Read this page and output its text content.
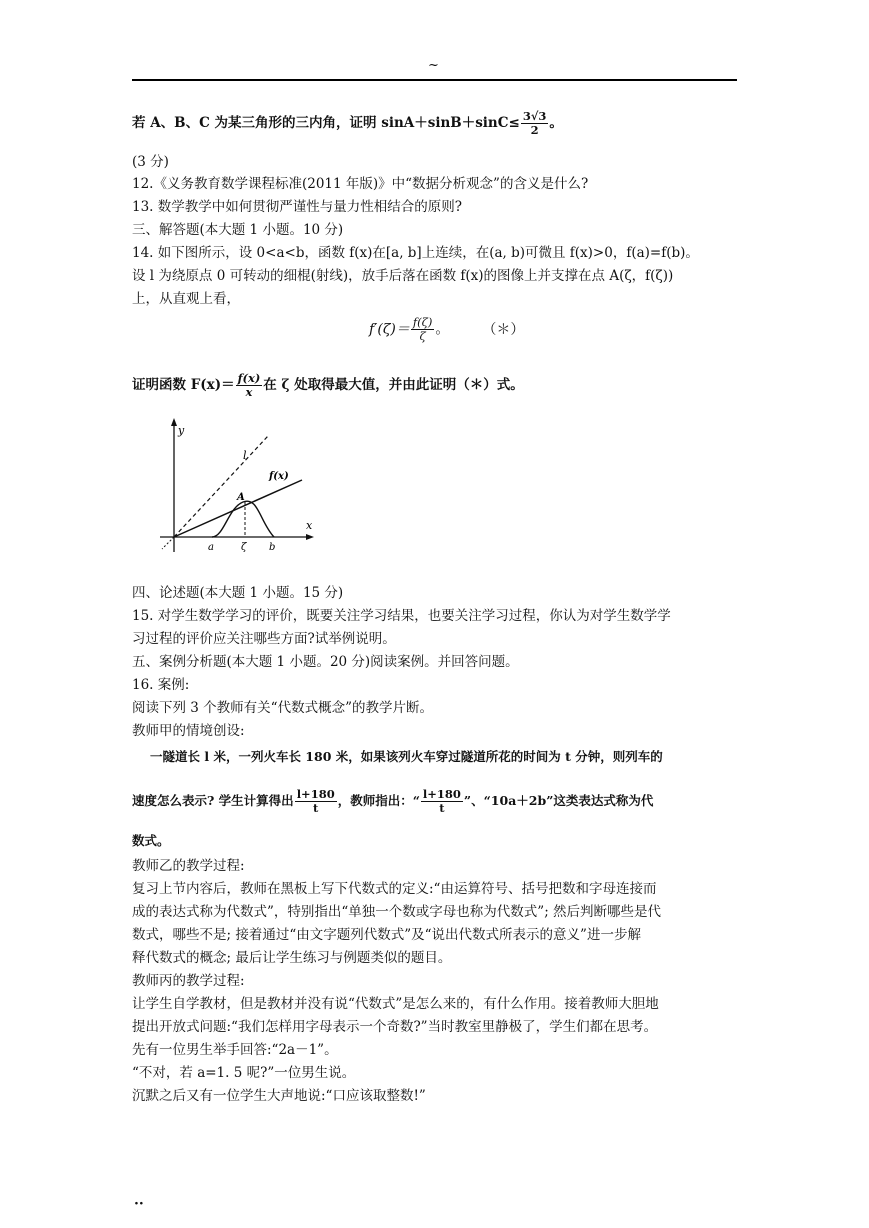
~
若 A、B、C 为某三角形的三内角，证明 $\sin A+\sin B+\sin C\le \frac{3√3}{2}$ 。
(3 分)
12.《义务教育数学课程标准(2011 年版)》中“数据分析观念”的含义是什么?
13. 数学教学中如何贯彻严谨性与量力性相结合的原则?
三、解答题(本大题 1 小题。10 分)
14. 如下图所示，设 0<a<b，函数 f(x)在[a, b]上连续，在(a, b)可微且 f(x)>0，f(a)=f(b)。
设 l 为绕原点 0 可转动的细棍(射线)，放手后落在函数 f(x)的图像上并支撑在点 A(ζ，f(ζ))
上，从直观上看，
$f'(\zeta)= \frac{f(\zeta)}{\zeta}$ 。	（＊）
证明函数 $F(x)= \frac{f(x)}{x}$ 在 ζ 处取得最大值，并由此证明（＊）式。
y
x
l
f(x)
A
a	ζ b
四、论述题(本大题 1 小题。15 分)
15. 对学生数学学习的评价，既要关注学习结果，也要关注学习过程，你认为对学生数学学
习过程的评价应关注哪些方面?试举例说明。
五、案例分析题(本大题 1 小题。20 分)阅读案例。并回答问题。
16. 案例:
阅读下列 3 个教师有关“代数式概念”的教学片断。
教师甲的情境创设:
一隧道长 l 米，一列火车长 180 米，如果该列火车穿过隧道所花的时间为 t 分钟，则列车的
速度怎么表示? 学生计算得出 $\frac{l+180}{t}$ ，教师指出：“ $\frac{l+180}{t}$ ”、“10a＋2b”这类表达式称为代
数式。
教师乙的教学过程:
复习上节内容后，教师在黑板上写下代数式的定义:“由运算符号、括号把数和字母连接而
成的表达式称为代数式”，特别指出“单独一个数或字母也称为代数式”; 然后判断哪些是代
数式，哪些不是; 接着通过“由文字题列代数式”及“说出代数式所表示的意义”进一步解
释代数式的概念; 最后让学生练习与例题类似的题目。
教师丙的教学过程:
让学生自学教材，但是教材并没有说“代数式”是怎么来的，有什么作用。接着教师大胆地
提出开放式问题:“我们怎样用字母表示一个奇数?”当时教室里静极了，学生们都在思考。
先有一位男生举手回答:“2a－1”。
“不对，若 a=1. 5 呢?”一位男生说。
沉默之后又有一位学生大声地说:“口应该取整数!”
··
